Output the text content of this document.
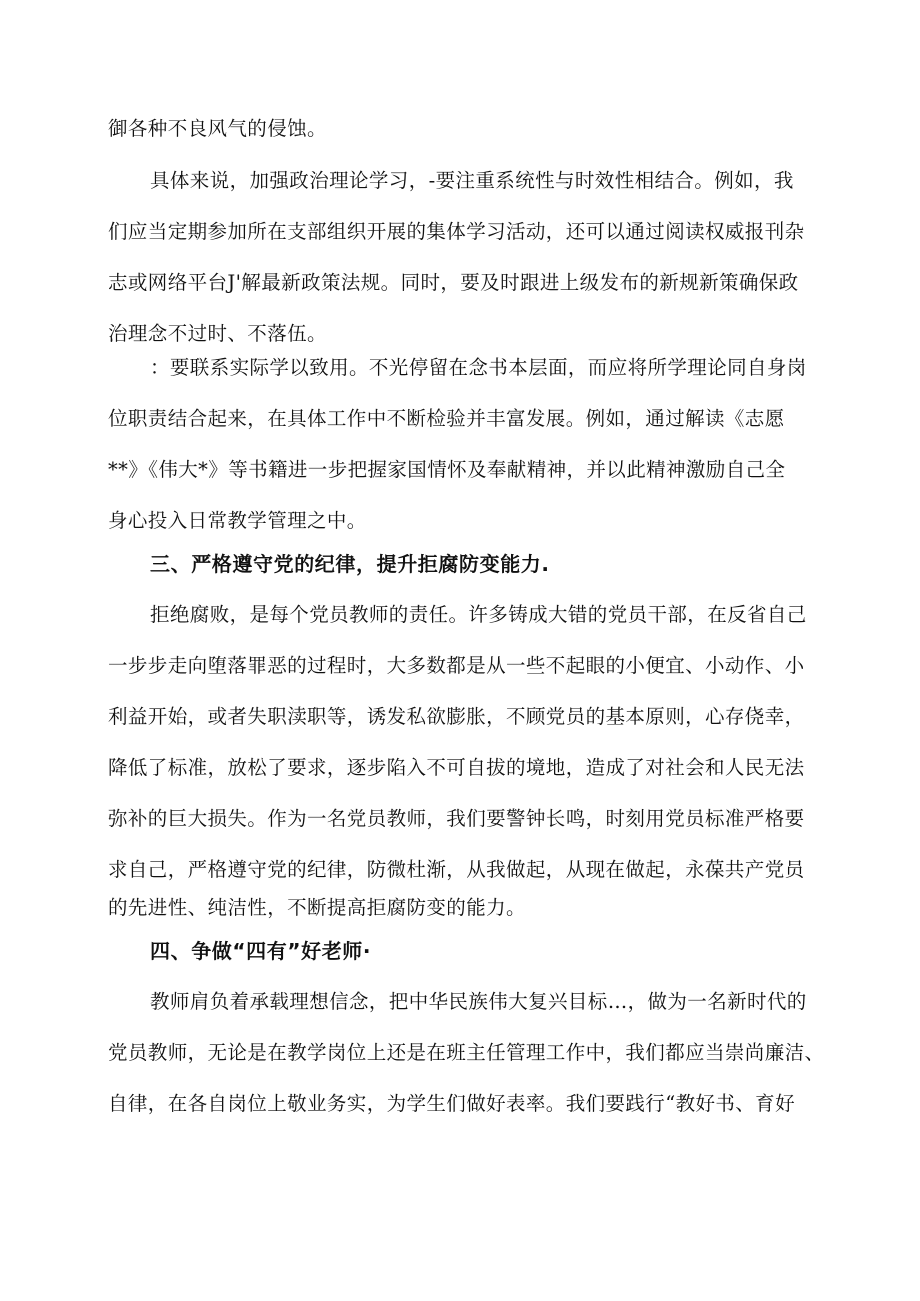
御各种不良风气的侵蚀。
具体来说，加强政治理论学习，-要注重系统性与时效性相结合。例如，我
们应当定期参加所在支部组织开展的集体学习活动，还可以通过阅读权威报刊杂
志或网络平台J'解最新政策法规。同时，要及时跟进上级发布的新规新策确保政
治理念不过时、不落伍。
：要联系实际学以致用。不光停留在念书本层面，而应将所学理论同自身岗
位职责结合起来，在具体工作中不断检验并丰富发展。例如，通过解读《志愿
**》《伟大*》等书籍进一步把握家国情怀及奉献精神，并以此精神激励自己全
身心投入日常教学管理之中。
三、严格遵守党的纪律，提升拒腐防变能力.
拒绝腐败，是每个党员教师的责任。许多铸成大错的党员干部，在反省自己
一步步走向堕落罪恶的过程时，大多数都是从一些不起眼的小便宜、小动作、小
利益开始，或者失职渎职等，诱发私欲膨胀，不顾党员的基本原则，心存侥幸，
降低了标准，放松了要求，逐步陷入不可自拔的境地，造成了对社会和人民无法
弥补的巨大损失。作为一名党员教师，我们要警钟长鸣，时刻用党员标准严格要
求自己，严格遵守党的纪律，防微杜渐，从我做起，从现在做起，永葆共产党员
的先进性、纯洁性，不断提高拒腐防变的能力。
四、争做“四有”好老师·
教师肩负着承载理想信念，把中华民族伟大复兴目标…，做为一名新时代的
党员教师，无论是在教学岗位上还是在班主任管理工作中，我们都应当崇尚廉洁、
自律，在各自岗位上敬业务实，为学生们做好表率。我们要践行“教好书、育好
